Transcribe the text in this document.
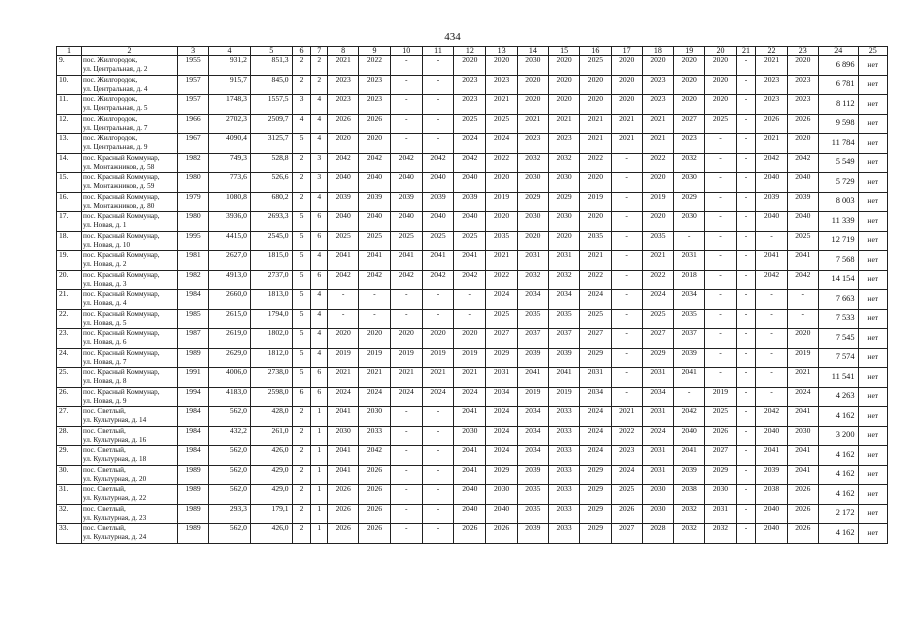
434
1	2	3	4	5	6	7	8	9	10	11	12	13	14	15	16	17	18	19	20	21	22	23	24	25
9.	пос. Жилгородок,
ул. Центральная, д. 2	1955	931,2	851,3	2	2	2021	2022	-	-	2020	2020	2030	2020	2025	2020	2020	2020	2020	-	2021	2020	6 896	нет
10.	пос. Жилгородок,
ул. Центральная, д. 4	1957	915,7	845,0	2	2	2023	2023	-	-	2023	2023	2020	2020	2020	2020	2023	2020	2020	-	2023	2023	6 781	нет
11.	пос. Жилгородок,
ул. Центральная, д. 5	1957	1748,3	1557,5	3	4	2023	2023	-	-	2023	2021	2020	2020	2020	2020	2023	2020	2020	-	2023	2023	8 112	нет
12.	пос. Жилгородок,
ул. Центральная, д. 7	1966	2702,3	2509,7	4	4	2026	2026	-	-	2025	2025	2021	2021	2021	2021	2021	2027	2025	-	2026	2026	9 598	нет
13.	пос. Жилгородок,
ул. Центральная, д. 9	1967	4090,4	3125,7	5	4	2020	2020	-	-	2024	2024	2023	2023	2021	2021	2021	2023	-	-	2021	2020	11 784	нет
14.	пос. Красный Коммунар,
ул. Монтажников, д. 58	1982	749,3	528,8	2	3	2042	2042	2042	2042	2042	2022	2032	2032	2022	-	2022	2032	-	-	2042	2042	5 549	нет
15.	пос. Красный Коммунар,
ул. Монтажников, д. 59	1980	773,6	526,6	2	3	2040	2040	2040	2040	2040	2020	2030	2030	2020	-	2020	2030	-	-	2040	2040	5 729	нет
16.	пос. Красный Коммунар,
ул. Монтажников, д. 80	1979	1080,8	680,2	2	4	2039	2039	2039	2039	2039	2019	2029	2029	2019	-	2019	2029	-	-	2039	2039	8 003	нет
17.	пос. Красный Коммунар,
ул. Новая, д. 1	1980	3936,0	2693,3	5	6	2040	2040	2040	2040	2040	2020	2030	2030	2020	-	2020	2030	-	-	2040	2040	11 339	нет
18.	пос. Красный Коммунар,
ул. Новая, д. 10	1995	4415,0	2545,0	5	6	2025	2025	2025	2025	2025	2035	2020	2020	2035	-	2035	-	-	-	-	2025	12 719	нет
19.	пос. Красный Коммунар,
ул. Новая, д. 2	1981	2627,0	1815,0	5	4	2041	2041	2041	2041	2041	2021	2031	2031	2021	-	2021	2031	-	-	2041	2041	7 568	нет
20.	пос. Красный Коммунар,
ул. Новая, д. 3	1982	4913,0	2737,0	5	6	2042	2042	2042	2042	2042	2022	2032	2032	2022	-	2022	2018	-	-	2042	2042	14 154	нет
21.	пос. Красный Коммунар,
ул. Новая, д. 4	1984	2660,0	1813,0	5	4	-	-	-	-	-	2024	2034	2034	2024	-	2024	2034	-	-	-	-	7 663	нет
22.	пос. Красный Коммунар,
ул. Новая, д. 5	1985	2615,0	1794,0	5	4	-	-	-	-	-	2025	2035	2035	2025	-	2025	2035	-	-	-	-	7 533	нет
23.	пос. Красный Коммунар,
ул. Новая, д. 6	1987	2619,0	1802,0	5	4	2020	2020	2020	2020	2020	2027	2037	2037	2027	-	2027	2037	-	-	-	2020	7 545	нет
24.	пос. Красный Коммунар,
ул. Новая, д. 7	1989	2629,0	1812,0	5	4	2019	2019	2019	2019	2019	2029	2039	2039	2029	-	2029	2039	-	-	-	2019	7 574	нет
25.	пос. Красный Коммунар,
ул. Новая, д. 8	1991	4006,0	2738,0	5	6	2021	2021	2021	2021	2021	2031	2041	2041	2031	-	2031	2041	-	-	-	2021	11 541	нет
26.	пос. Красный Коммунар,
ул. Новая, д. 9	1994	4183,0	2598,0	6	6	2024	2024	2024	2024	2024	2034	2019	2019	2034	-	2034	-	2019	-	-	2024	4 263	нет
27.	пос. Светлый,
ул. Культурная, д. 14	1984	562,0	428,0	2	1	2041	2030	-	-	2041	2024	2034	2033	2024	2021	2031	2042	2025	-	2042	2041	4 162	нет
28.	пос. Светлый,
ул. Культурная, д. 16	1984	432,2	261,0	2	1	2030	2033	-	-	2030	2024	2034	2033	2024	2022	2024	2040	2026	-	2040	2030	3 200	нет
29.	пос. Светлый,
ул. Культурная, д. 18	1984	562,0	426,0	2	1	2041	2042	-	-	2041	2024	2034	2033	2024	2023	2031	2041	2027	-	2041	2041	4 162	нет
30.	пос. Светлый,
ул. Культурная, д. 20	1989	562,0	429,0	2	1	2041	2026	-	-	2041	2029	2039	2033	2029	2024	2031	2039	2029	-	2039	2041	4 162	нет
31.	пос. Светлый,
ул. Культурная, д. 22	1989	562,0	429,0	2	1	2026	2026	-	-	2040	2030	2035	2033	2029	2025	2030	2038	2030	-	2038	2026	4 162	нет
32.	пос. Светлый,
ул. Культурная, д. 23	1989	293,3	179,1	2	1	2026	2026	-	-	2040	2040	2035	2033	2029	2026	2030	2032	2031	-	2040	2026	2 172	нет
33.	пос. Светлый,
ул. Культурная, д. 24	1989	562,0	426,0	2	1	2026	2026	-	-	2026	2026	2039	2033	2029	2027	2028	2032	2032	-	2040	2026	4 162	нет
